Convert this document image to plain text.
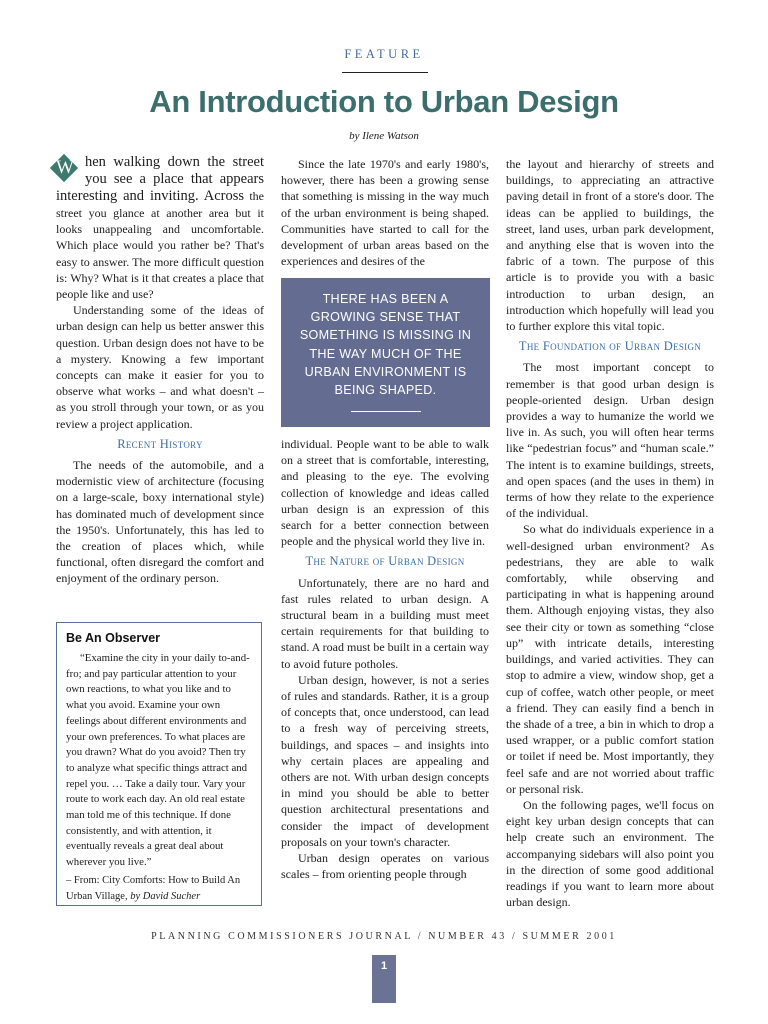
FEATURE
An Introduction to Urban Design
by Ilene Watson

W hen walking down the street you see a place that appears interesting and inviting. Across the street you glance at another area but it looks unappealing and uncomfortable. Which place would you rather be? That's easy to answer. The more difficult question is: Why? What is it that creates a place that people like and use?

Understanding some of the ideas of urban design can help us better answer this question. Urban design does not have to be a mystery. Knowing a few important concepts can make it easier for you to observe what works – and what doesn't – as you stroll through your town, or as you review a project application.

Recent History

The needs of the automobile, and a modernistic view of architecture (focusing on a large-scale, boxy international style) has dominated much of development since the 1950's. Unfortunately, this has led to the creation of places which, while functional, often disregard the comfort and enjoyment of the ordinary person.

Be An Observer

“Examine the city in your daily to-and-fro; and pay particular attention to your own reactions, to what you like and to what you avoid. Examine your own feelings about different environments and your own preferences. To what places are you drawn? What do you avoid? Then try to analyze what specific things attract and repel you. … Take a daily tour. Vary your route to work each day. An old real estate man told me of this technique. If done consistently, and with attention, it eventually reveals a great deal about wherever you live.”

– From: City Comforts: How to Build An Urban Village, by David Sucher

Since the late 1970's and early 1980's, however, there has been a growing sense that something is missing in the way much of the urban environment is being shaped. Communities have started to call for the development of urban areas based on the experiences and desires of the

THERE HAS BEEN A GROWING SENSE THAT SOMETHING IS MISSING IN THE WAY MUCH OF THE URBAN ENVIRONMENT IS BEING SHAPED.

individual. People want to be able to walk on a street that is comfortable, interesting, and pleasing to the eye. The evolving collection of knowledge and ideas called urban design is an expression of this search for a better connection between people and the physical world they live in.

The Nature of Urban Design

Unfortunately, there are no hard and fast rules related to urban design. A structural beam in a building must meet certain requirements for that building to stand. A road must be built in a certain way to avoid future potholes.

Urban design, however, is not a series of rules and standards. Rather, it is a group of concepts that, once understood, can lead to a fresh way of perceiving streets, buildings, and spaces – and insights into why certain places are appealing and others are not. With urban design concepts in mind you should be able to better question architectural presentations and consider the impact of development proposals on your town's character.

Urban design operates on various scales – from orienting people through

the layout and hierarchy of streets and buildings, to appreciating an attractive paving detail in front of a store's door. The ideas can be applied to buildings, the street, land uses, urban park development, and anything else that is woven into the fabric of a town. The purpose of this article is to provide you with a basic introduction to urban design, an introduction which hopefully will lead you to further explore this vital topic.

The Foundation of Urban Design

The most important concept to remember is that good urban design is people-oriented design. Urban design provides a way to humanize the world we live in. As such, you will often hear terms like “pedestrian focus” and “human scale.” The intent is to examine buildings, streets, and open spaces (and the uses in them) in terms of how they relate to the experience of the individual.

So what do individuals experience in a well-designed urban environment? As pedestrians, they are able to walk comfortably, while observing and participating in what is happening around them. Although enjoying vistas, they also see their city or town as something “close up” with intricate details, interesting buildings, and varied activities. They can stop to admire a view, window shop, get a cup of coffee, watch other people, or meet a friend. They can easily find a bench in the shade of a tree, a bin in which to drop a used wrapper, or a public comfort station or toilet if need be. Most importantly, they feel safe and are not worried about traffic or personal risk.

On the following pages, we'll focus on eight key urban design concepts that can help create such an environment. The accompanying sidebars will also point you in the direction of some good additional readings if you want to learn more about urban design.

PLANNING COMMISSIONERS JOURNAL / NUMBER 43 / SUMMER 2001
1
